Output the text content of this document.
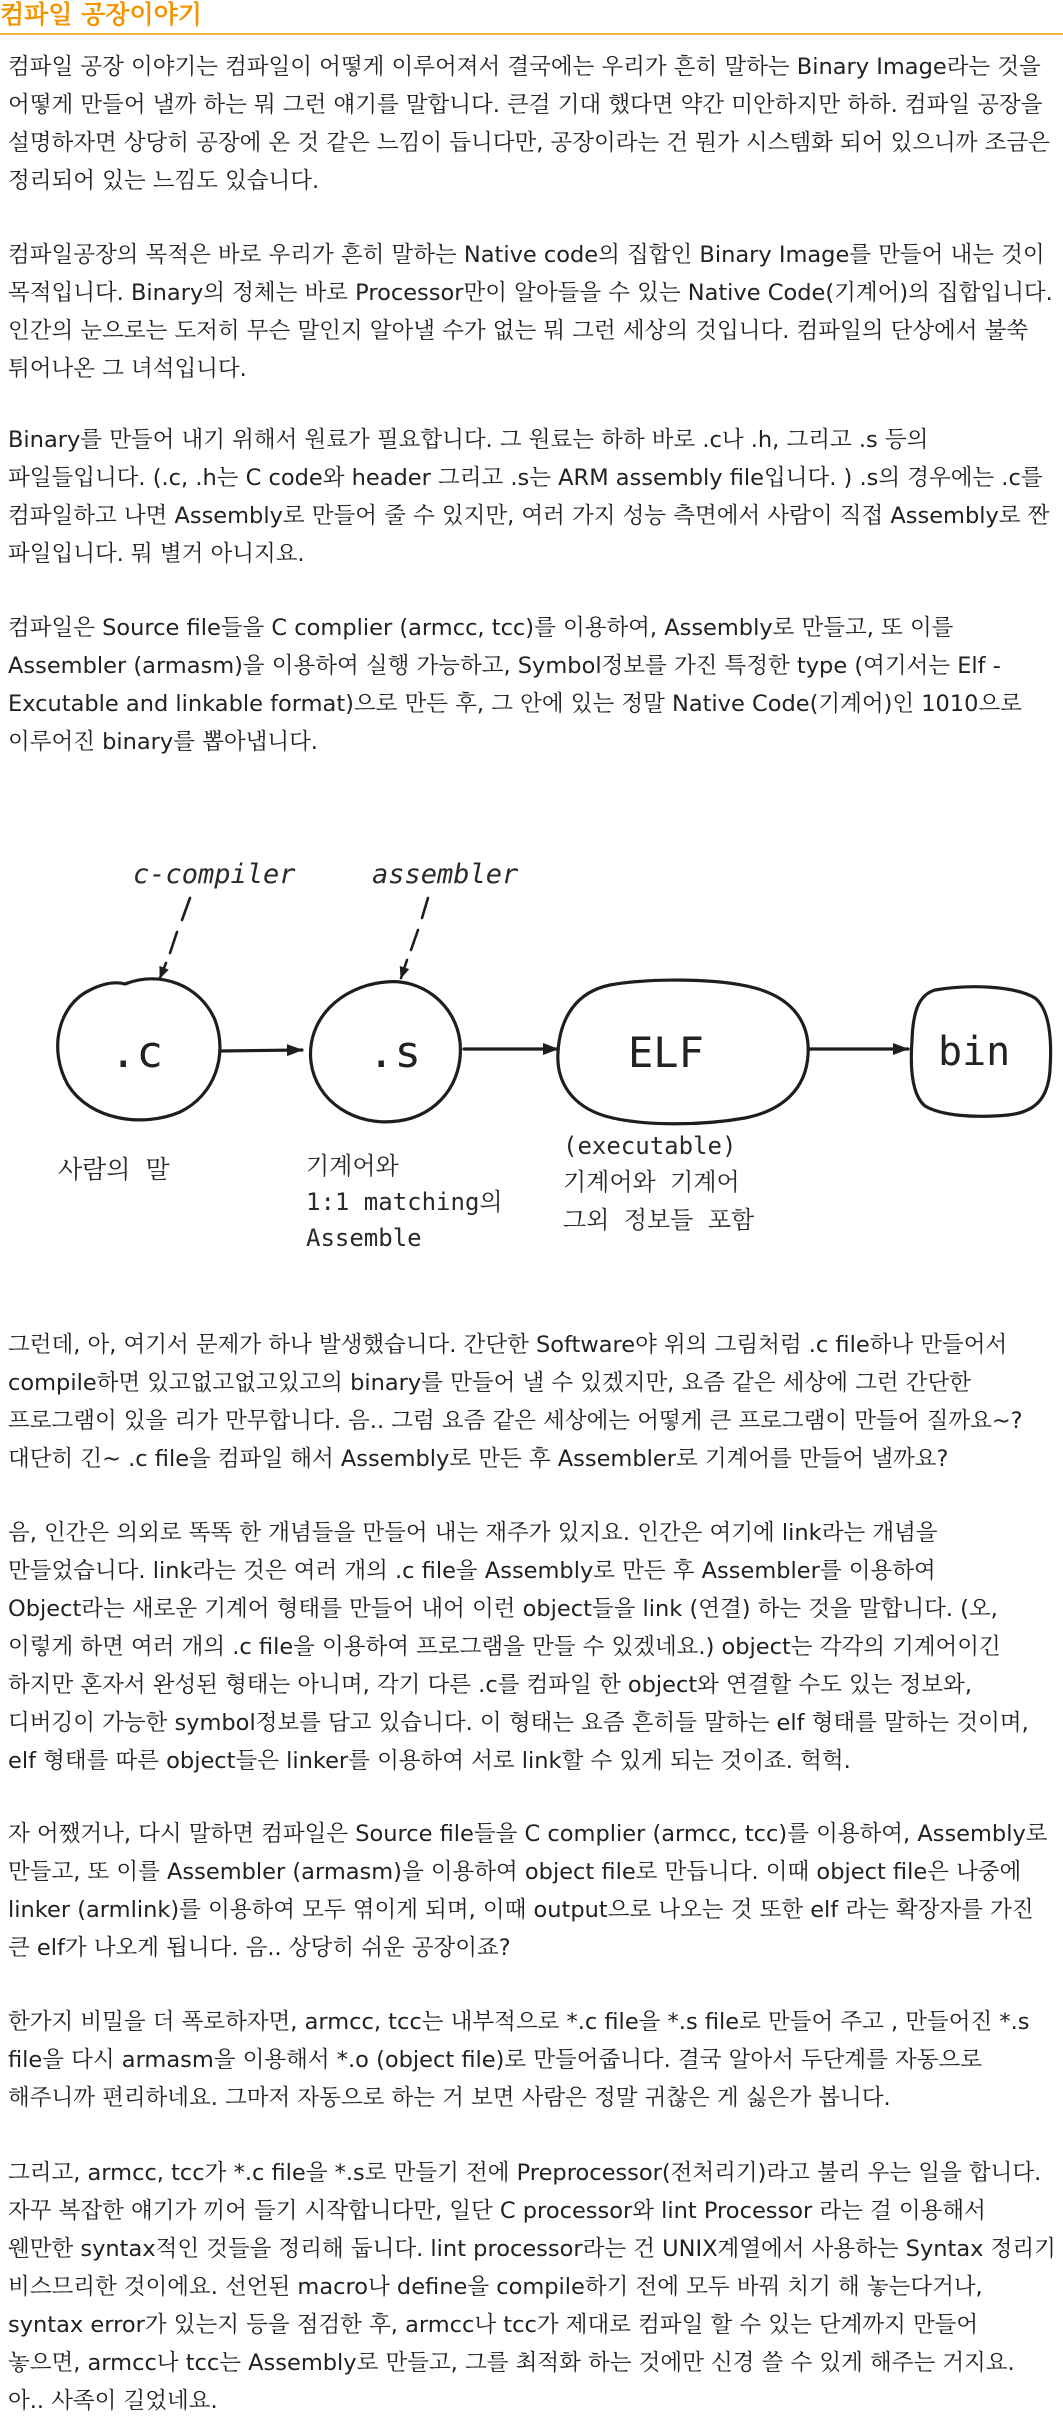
컴파일 공장이야기

컴파일 공장 이야기는 컴파일이 어떻게 이루어져서 결국에는 우리가 흔히 말하는 Binary Image라는 것을 어떻게 만들어 낼까 하는 뭐 그런 얘기를 말합니다. 큰걸 기대 했다면 약간 미안하지만 하하. 컴파일 공장을 설명하자면 상당히 공장에 온 것 같은 느낌이 듭니다만, 공장이라는 건 뭔가 시스템화 되어 있으니까 조금은 정리되어 있는 느낌도 있습니다.

컴파일공장의 목적은 바로 우리가 흔히 말하는 Native code의 집합인 Binary Image를 만들어 내는 것이 목적입니다. Binary의 정체는 바로 Processor만이 알아들을 수 있는 Native Code(기계어)의 집합입니다. 인간의 눈으로는 도저히 무슨 말인지 알아낼 수가 없는 뭐 그런 세상의 것입니다. 컴파일의 단상에서 불쑥 튀어나온 그 녀석입니다.

Binary를 만들어 내기 위해서 원료가 필요합니다. 그 원료는 하하 바로 .c나 .h, 그리고 .s 등의 파일들입니다. (.c, .h는 C code와 header 그리고 .s는 ARM assembly file입니다. ) .s의 경우에는 .c를 컴파일하고 나면 Assembly로 만들어 줄 수 있지만, 여러 가지 성능 측면에서 사람이 직접 Assembly로 짠 파일입니다. 뭐 별거 아니지요.

컴파일은 Source file들을 C complier (armcc, tcc)를 이용하여, Assembly로 만들고, 또 이를 Assembler (armasm)을 이용하여 실행 가능하고, Symbol정보를 가진 특정한 type (여기서는 Elf - Excutable and linkable format)으로 만든 후, 그 안에 있는 정말 Native Code(기계어)인 1010으로 이루어진 binary를 뽑아냅니다.

c-compiler	assembler
.c	.s	ELF	bin
사람의 말	기계어와
1:1 matching의
Assemble
(executable)
기계어와 기계어
그외 정보들 포함

그런데, 아, 여기서 문제가 하나 발생했습니다. 간단한 Software야 위의 그림처럼 .c file하나 만들어서 compile하면 있고없고없고있고의 binary를 만들어 낼 수 있겠지만, 요즘 같은 세상에 그런 간단한 프로그램이 있을 리가 만무합니다. 음.. 그럼 요즘 같은 세상에는 어떻게 큰 프로그램이 만들어 질까요~? 대단히 긴~ .c file을 컴파일 해서 Assembly로 만든 후 Assembler로 기계어를 만들어 낼까요?

음, 인간은 의외로 똑똑 한 개념들을 만들어 내는 재주가 있지요. 인간은 여기에 link라는 개념을 만들었습니다. link라는 것은 여러 개의 .c file을 Assembly로 만든 후 Assembler를 이용하여 Object라는 새로운 기계어 형태를 만들어 내어 이런 object들을 link (연결) 하는 것을 말합니다. (오, 이렇게 하면 여러 개의 .c file을 이용하여 프로그램을 만들 수 있겠네요.) object는 각각의 기계어이긴 하지만 혼자서 완성된 형태는 아니며, 각기 다른 .c를 컴파일 한 object와 연결할 수도 있는 정보와, 디버깅이 가능한 symbol정보를 담고 있습니다. 이 형태는 요즘 흔히들 말하는 elf 형태를 말하는 것이며, elf 형태를 따른 object들은 linker를 이용하여 서로 link할 수 있게 되는 것이죠. 헉헉.

자 어쨌거나, 다시 말하면 컴파일은 Source file들을 C complier (armcc, tcc)를 이용하여, Assembly로 만들고, 또 이를 Assembler (armasm)을 이용하여 object file로 만듭니다. 이때 object file은 나중에 linker (armlink)를 이용하여 모두 엮이게 되며, 이때 output으로 나오는 것 또한 elf 라는 확장자를 가진 큰 elf가 나오게 됩니다. 음.. 상당히 쉬운 공장이죠?

한가지 비밀을 더 폭로하자면, armcc, tcc는 내부적으로 *.c file을 *.s file로 만들어 주고 , 만들어진 *.s file을 다시 armasm을 이용해서 *.o (object file)로 만들어줍니다. 결국 알아서 두단계를 자동으로 해주니까 편리하네요. 그마저 자동으로 하는 거 보면 사람은 정말 귀찮은 게 싫은가 봅니다.

그리고, armcc, tcc가 *.c file을 *.s로 만들기 전에 Preprocessor(전처리기)라고 불리 우는 일을 합니다. 자꾸 복잡한 얘기가 끼어 들기 시작합니다만, 일단 C processor와 lint Processor 라는 걸 이용해서 웬만한 syntax적인 것들을 정리해 둡니다. lint processor라는 건 UNIX계열에서 사용하는 Syntax 정리기 비스므리한 것이에요. 선언된 macro나 define을 compile하기 전에 모두 바꿔 치기 해 놓는다거나, syntax error가 있는지 등을 점검한 후, armcc나 tcc가 제대로 컴파일 할 수 있는 단계까지 만들어 놓으면, armcc나 tcc는 Assembly로 만들고, 그를 최적화 하는 것에만 신경 쓸 수 있게 해주는 거지요. 아.. 사족이 길었네요.
